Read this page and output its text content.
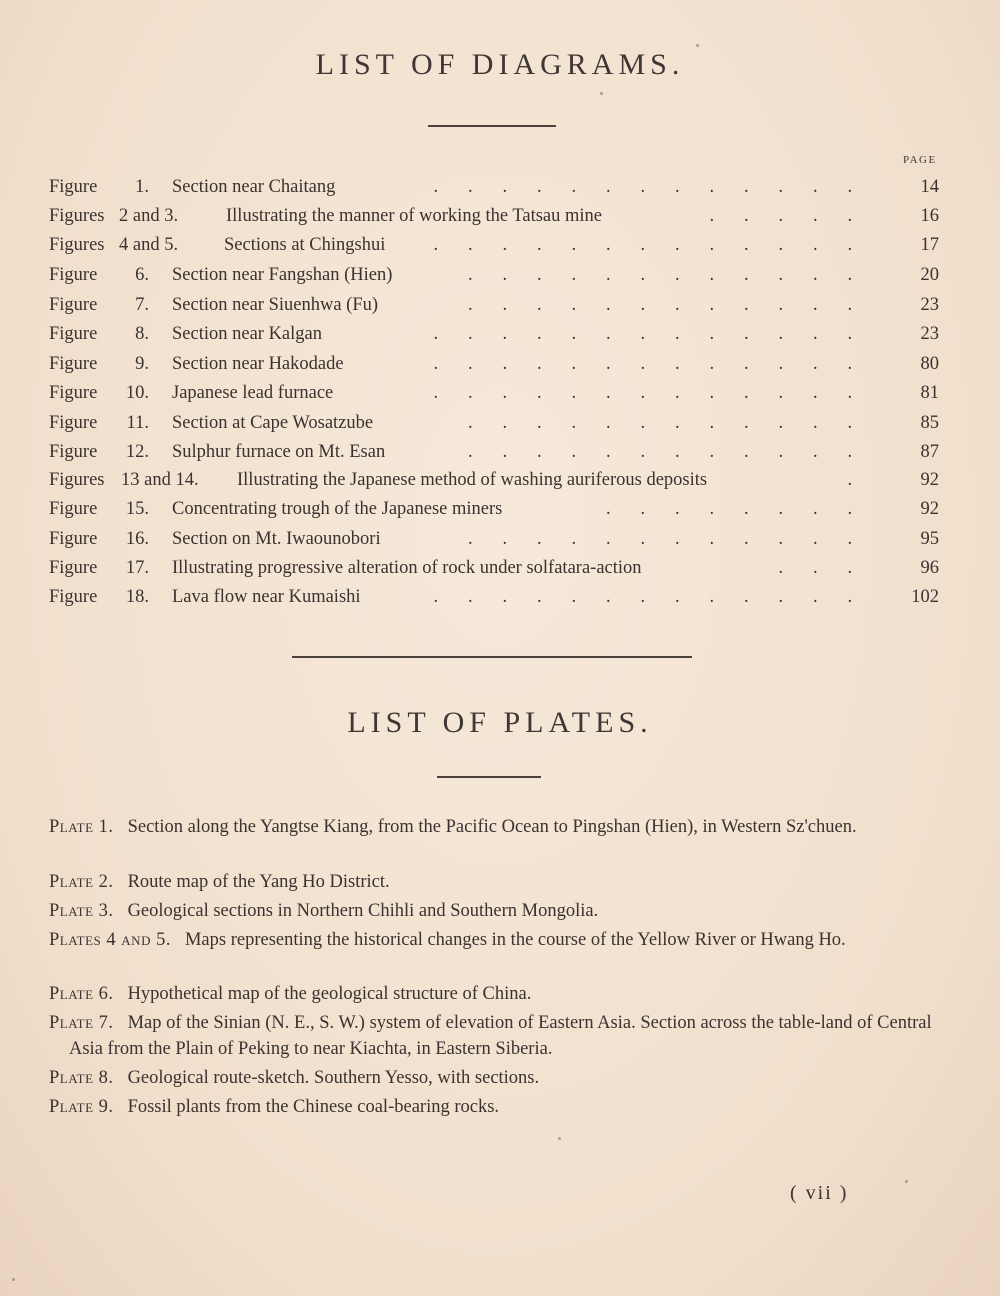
LIST OF DIAGRAMS.
PAGE
Figure	1. Section near Chaitang	. . . . . . . . . . . . .	14
Figures 2 and 3.	Illustrating the manner of working the Tatsau mine	. . . . .	16
Figures 4 and 5. Sections at Chingshui	. . . . . . . . . . . . .	17
Figure	6. Section near Fangshan (Hien)	. . . . . . . . . . . .	20
Figure	7. Section near Siuenhwa (Fu)	. . . . . . . . . . . .	23
Figure	8. Section near Kalgan	. . . . . . . . . . . . .	23
Figure	9. Section near Hakodade	. . . . . . . . . . . . .	80
Figure	10. Japanese lead furnace	. . . . . . . . . . . . .	81
Figure	11. Section at Cape Wosatzube	. . . . . . . . . . . .	85
Figure	12. Sulphur furnace on Mt. Esan	. . . . . . . . . . . .	87
Figures 13 and 14. Illustrating the Japanese method of washing auriferous deposits	.	92
Figure	15. Concentrating trough of the Japanese miners	. . . . . . . .	92
Figure	16. Section on Mt. Iwaounobori	. . . . . . . . . . . .	95
Figure	17. Illustrating progressive alteration of rock under solfatara-action	. . .	96
Figure	18. Lava flow near Kumaishi	. . . . . . . . . . . . .	102
LIST OF PLATES.
Plate 1. Section along the Yangtse Kiang, from the Pacific Ocean to Pingshan (Hien), in Western Sz'chuen.
Plate 2. Route map of the Yang Ho District.
Plate 3. Geological sections in Northern Chihli and Southern Mongolia.
Plates 4 and 5. Maps representing the historical changes in the course of the Yellow River or Hwang Ho.
Plate 6. Hypothetical map of the geological structure of China.
Plate 7. Map of the Sinian (N. E., S. W.) system of elevation of Eastern Asia. Section across the table-land of Central Asia from the Plain of Peking to near Kiachta, in Eastern Siberia.
Plate 8. Geological route-sketch. Southern Yesso, with sections.
Plate 9. Fossil plants from the Chinese coal-bearing rocks.
( vii )
